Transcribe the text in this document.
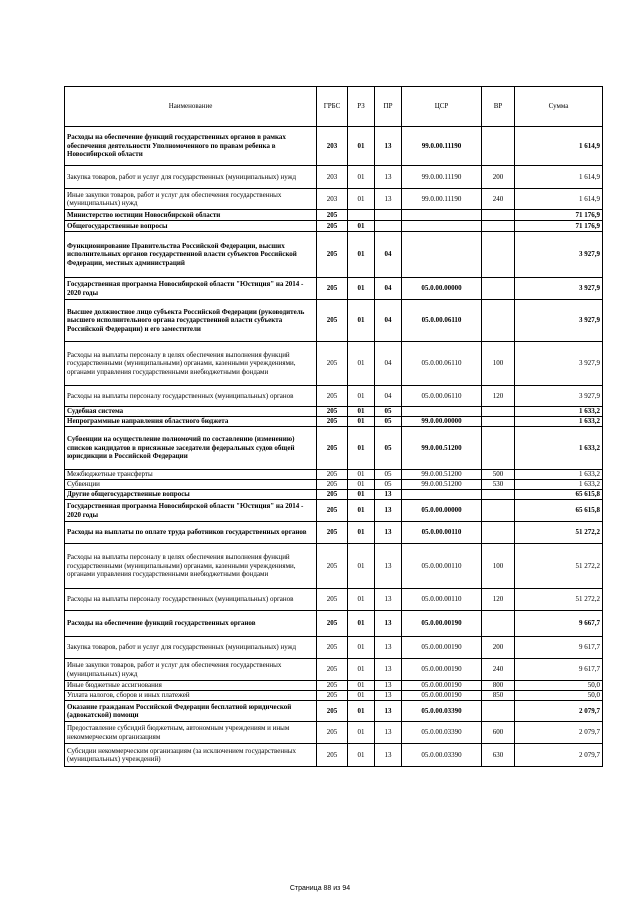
Наименование	ГРБС	РЗ	ПР	ЦСР	ВР	Сумма
Расходы на обеспечение функций государственных органов в рамках обеспечения деятельности Уполномоченного по правам ребенка в Новосибирской области	203	01	13	99.0.00.11190		1 614,9
Закупка товаров, работ и услуг для государственных (муниципальных) нужд	203	01	13	99.0.00.11190	200	1 614,9
Иные закупки товаров, работ и услуг для обеспечения государственных (муниципальных) нужд	203	01	13	99.0.00.11190	240	1 614,9
Министерство юстиции Новосибирской области	205					71 176,9
Общегосударственные вопросы	205	01				71 176,9
Функционирование Правительства Российской Федерации, высших исполнительных органов государственной власти субъектов Российской Федерации, местных администраций	205	01	04			3 927,9
Государственная программа Новосибирской области "Юстиция" на 2014 - 2020 годы	205	01	04	05.0.00.00000		3 927,9
Высшее должностное лицо субъекта Российской Федерации (руководитель высшего исполнительного органа государственной власти субъекта Российской Федерации) и его заместители	205	01	04	05.0.00.06110		3 927,9
Расходы на выплаты персоналу в целях обеспечения выполнения функций государственными (муниципальными) органами, казенными учреждениями, органами управления государственными внебюджетными фондами	205	01	04	05.0.00.06110	100	3 927,9
Расходы на выплаты персоналу государственных (муниципальных) органов	205	01	04	05.0.00.06110	120	3 927,9
Судебная система	205	01	05			1 633,2
Непрограммные направления областного бюджета	205	01	05	99.0.00.00000		1 633,2
Субвенции на осуществление полномочий по составлению (изменению) списков кандидатов в присяжные заседатели федеральных судов общей юрисдикции в Российской Федерации	205	01	05	99.0.00.51200		1 633,2
Межбюджетные трансферты	205	01	05	99.0.00.51200	500	1 633,2
Субвенции	205	01	05	99.0.00.51200	530	1 633,2
Другие общегосударственные вопросы	205	01	13			65 615,8
Государственная программа Новосибирской области "Юстиция" на 2014 - 2020 годы	205	01	13	05.0.00.00000		65 615,8
Расходы на выплаты по оплате труда работников государственных органов	205	01	13	05.0.00.00110		51 272,2
Расходы на выплаты персоналу в целях обеспечения выполнения функций государственными (муниципальными) органами, казенными учреждениями, органами управления государственными внебюджетными фондами	205	01	13	05.0.00.00110	100	51 272,2
Расходы на выплаты персоналу государственных (муниципальных) органов	205	01	13	05.0.00.00110	120	51 272,2
Расходы на обеспечение функций государственных органов	205	01	13	05.0.00.00190		9 667,7
Закупка товаров, работ и услуг для государственных (муниципальных) нужд	205	01	13	05.0.00.00190	200	9 617,7
Иные закупки товаров, работ и услуг для обеспечения государственных (муниципальных) нужд	205	01	13	05.0.00.00190	240	9 617,7
Иные бюджетные ассигнования	205	01	13	05.0.00.00190	800	50,0
Уплата налогов, сборов и иных платежей	205	01	13	05.0.00.00190	850	50,0
Оказание гражданам Российской Федерации бесплатной юридической (адвокатской) помощи	205	01	13	05.0.00.03390		2 079,7
Предоставление субсидий бюджетным, автономным учреждениям и иным некоммерческим организациям	205	01	13	05.0.00.03390	600	2 079,7
Субсидии некоммерческим организациям (за исключением государственных (муниципальных) учреждений)	205	01	13	05.0.00.03390	630	2 079,7
Страница 88 из 94
